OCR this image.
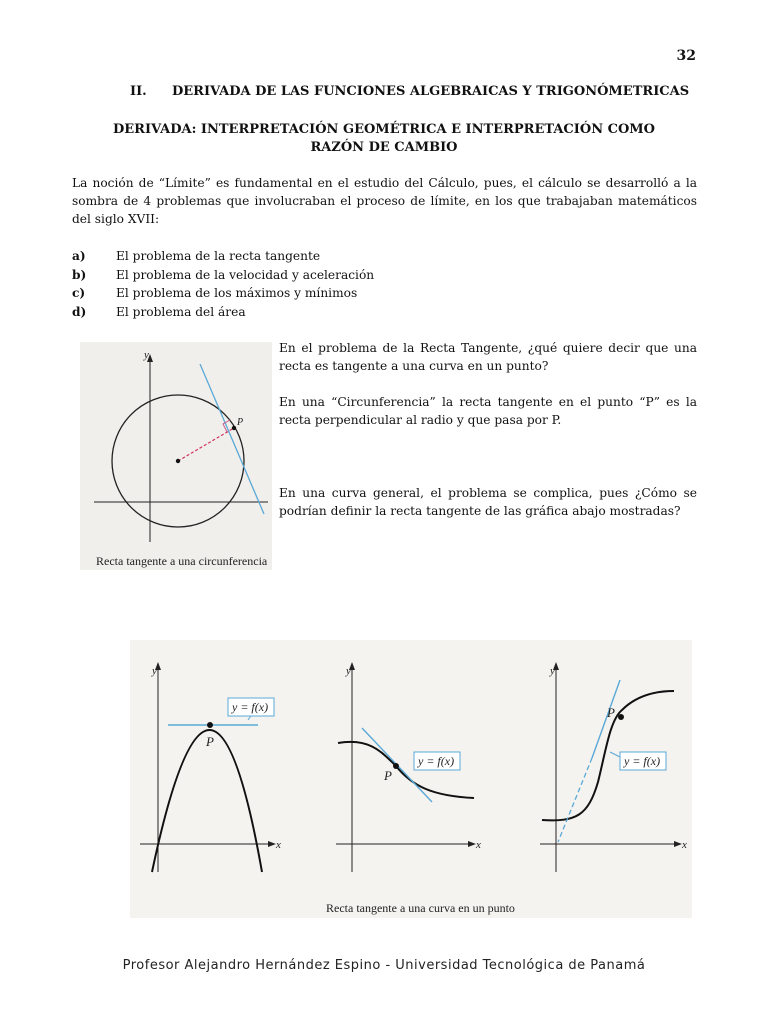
32
II. DERIVADA DE LAS FUNCIONES ALGEBRAICAS Y TRIGONÓMETRICAS
DERIVADA: INTERPRETACIÓN GEOMÉTRICA E INTERPRETACIÓN COMO RAZÓN DE CAMBIO
La noción de “Límite” es fundamental en el estudio del Cálculo, pues, el cálculo se desarrolló a la sombra de 4 problemas que involucraban el proceso de límite, en los que trabajaban matemáticos del siglo XVII:
a) El problema de la recta tangente
b) El problema de la velocidad y aceleración
c)	El problema de los máximos y mínimos
d) El problema del área
y
P
Recta tangente a una circunferencia
En el problema de la Recta Tangente, ¿qué quiere decir que una recta es tangente a una curva en un punto?
En una “Circunferencia” la recta tangente en el punto “P” es la recta perpendicular al radio y que pasa por P.
En una curva general, el problema se complica, pues ¿Cómo se podrían definir la recta tangente de las gráfica abajo mostradas?
y
x
P
y = f(x)
y
x
P
y = f(x)
y
x
P
y = f(x)
Recta tangente a una curva en un punto
Profesor Alejandro Hernández Espino - Universidad Tecnológica de Panamá
